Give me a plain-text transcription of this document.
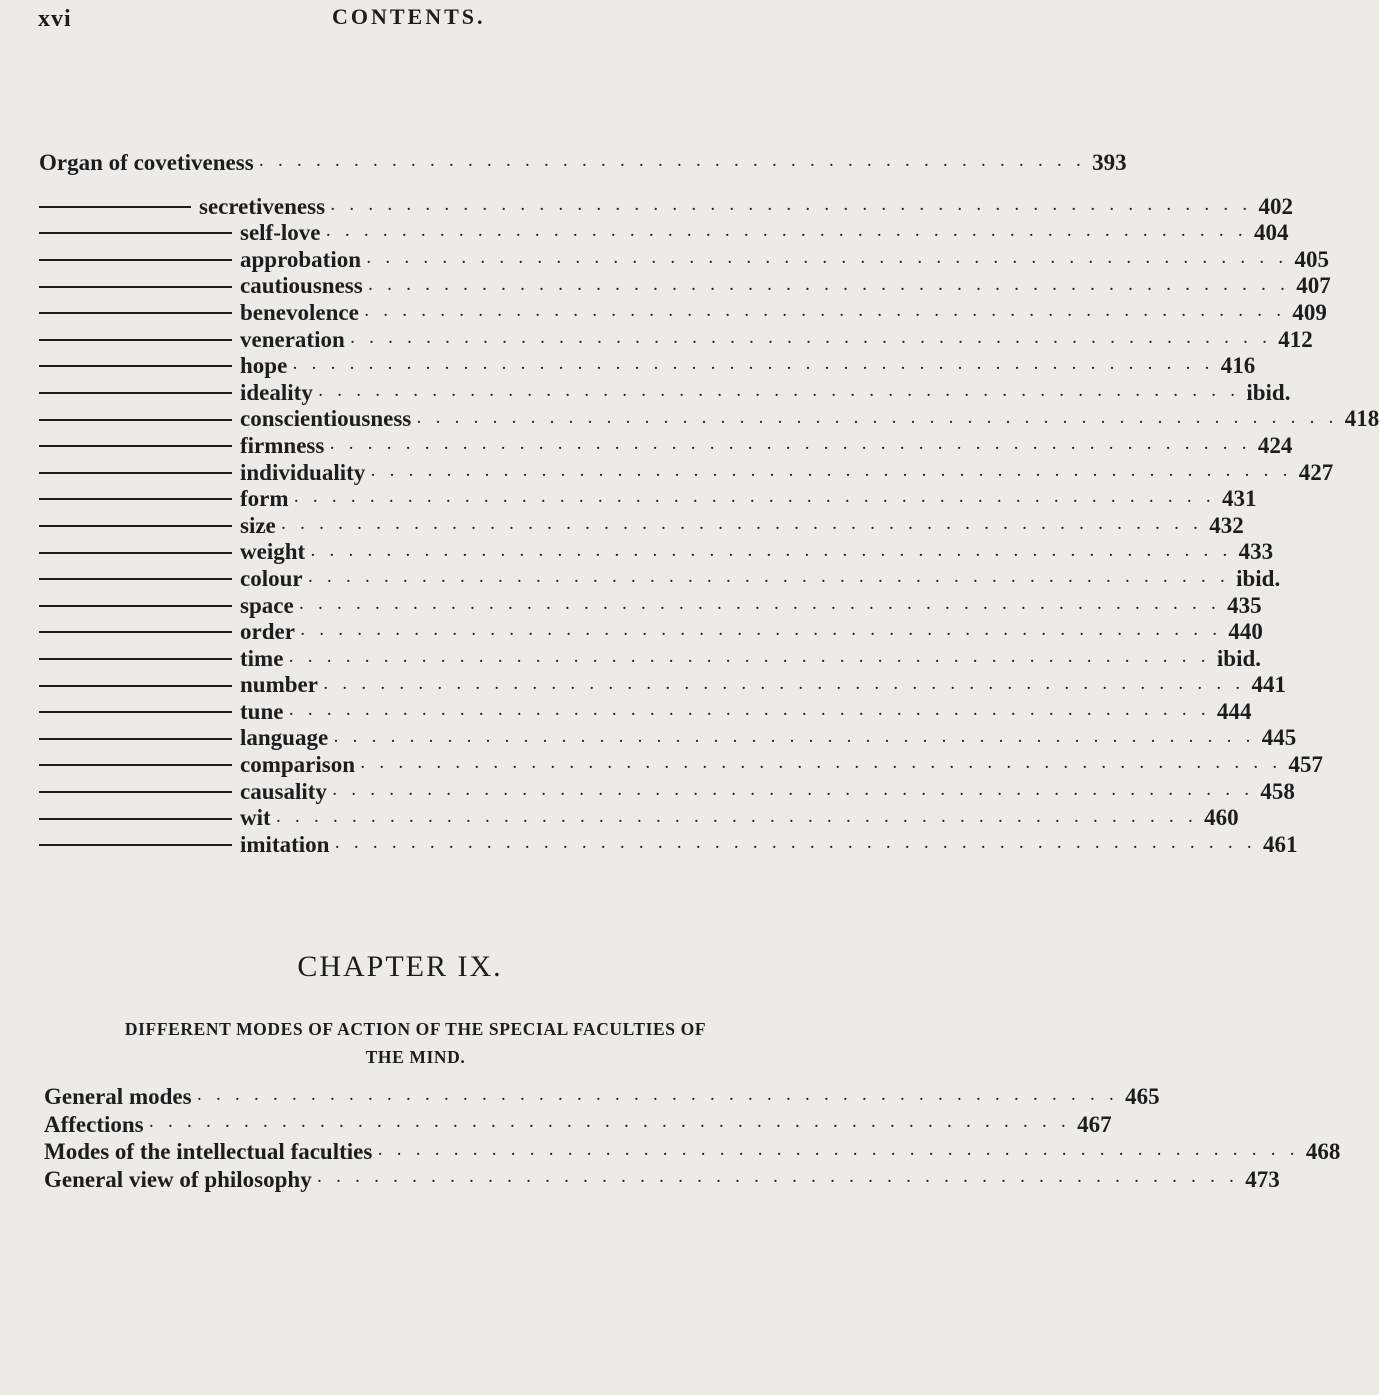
xvi	CONTENTS.
Organ of
covetiveness . . . . . . . . . . . . . . . . . . . . . . . . . . . . . . . . . . . . . . . . . . . . 393
secretiveness . . . . . . . . . . . . . . . . . . . . . . . . . . . . . . . . . . . . . . . . . . . . . . . . . 402
self-love . . . . . . . . . . . . . . . . . . . . . . . . . . . . . . . . . . . . . . . . . . . . . . . . . 404
approbation . . . . . . . . . . . . . . . . . . . . . . . . . . . . . . . . . . . . . . . . . . . . . . . . . 405
cautiousness . . . . . . . . . . . . . . . . . . . . . . . . . . . . . . . . . . . . . . . . . . . . . . . . . 407
benevolence . . . . . . . . . . . . . . . . . . . . . . . . . . . . . . . . . . . . . . . . . . . . . . . . . 409
veneration . . . . . . . . . . . . . . . . . . . . . . . . . . . . . . . . . . . . . . . . . . . . . . . . . 412
hope . . . . . . . . . . . . . . . . . . . . . . . . . . . . . . . . . . . . . . . . . . . . . . . . . 416
ideality . . . . . . . . . . . . . . . . . . . . . . . . . . . . . . . . . . . . . . . . . . . . . . . . . ibid.
conscientiousness . . . . . . . . . . . . . . . . . . . . . . . . . . . . . . . . . . . . . . . . . . . . . . . . . 418
firmness . . . . . . . . . . . . . . . . . . . . . . . . . . . . . . . . . . . . . . . . . . . . . . . . . 424
individuality . . . . . . . . . . . . . . . . . . . . . . . . . . . . . . . . . . . . . . . . . . . . . . . . . 427
form . . . . . . . . . . . . . . . . . . . . . . . . . . . . . . . . . . . . . . . . . . . . . . . . . 431
size . . . . . . . . . . . . . . . . . . . . . . . . . . . . . . . . . . . . . . . . . . . . . . . . . 432
weight . . . . . . . . . . . . . . . . . . . . . . . . . . . . . . . . . . . . . . . . . . . . . . . . . 433
colour . . . . . . . . . . . . . . . . . . . . . . . . . . . . . . . . . . . . . . . . . . . . . . . . . ibid.
space . . . . . . . . . . . . . . . . . . . . . . . . . . . . . . . . . . . . . . . . . . . . . . . . . 435
order . . . . . . . . . . . . . . . . . . . . . . . . . . . . . . . . . . . . . . . . . . . . . . . . . 440
time . . . . . . . . . . . . . . . . . . . . . . . . . . . . . . . . . . . . . . . . . . . . . . . . . ibid.
number . . . . . . . . . . . . . . . . . . . . . . . . . . . . . . . . . . . . . . . . . . . . . . . . . 441
tune . . . . . . . . . . . . . . . . . . . . . . . . . . . . . . . . . . . . . . . . . . . . . . . . . 444
language . . . . . . . . . . . . . . . . . . . . . . . . . . . . . . . . . . . . . . . . . . . . . . . . . 445
comparison . . . . . . . . . . . . . . . . . . . . . . . . . . . . . . . . . . . . . . . . . . . . . . . . . 457
causality . . . . . . . . . . . . . . . . . . . . . . . . . . . . . . . . . . . . . . . . . . . . . . . . . 458
wit . . . . . . . . . . . . . . . . . . . . . . . . . . . . . . . . . . . . . . . . . . . . . . . . . 460
imitation . . . . . . . . . . . . . . . . . . . . . . . . . . . . . . . . . . . . . . . . . . . . . . . . . 461
CHAPTER IX.
DIFFERENT MODES OF ACTION OF THE SPECIAL FACULTIES OF
THE MIND.
General modes . . . . . . . . . . . . . . . . . . . . . . . . . . . . . . . . . . . . . . . . . . . . . . . . . 465
Affections . . . . . . . . . . . . . . . . . . . . . . . . . . . . . . . . . . . . . . . . . . . . . . . . . 467
Modes of the intellectual faculties . . . . . . . . . . . . . . . . . . . . . . . . . . . . . . . . . . . . . . . . . . . . . . . . . 468
General view of philosophy . . . . . . . . . . . . . . . . . . . . . . . . . . . . . . . . . . . . . . . . . . . . . . . . . 473
